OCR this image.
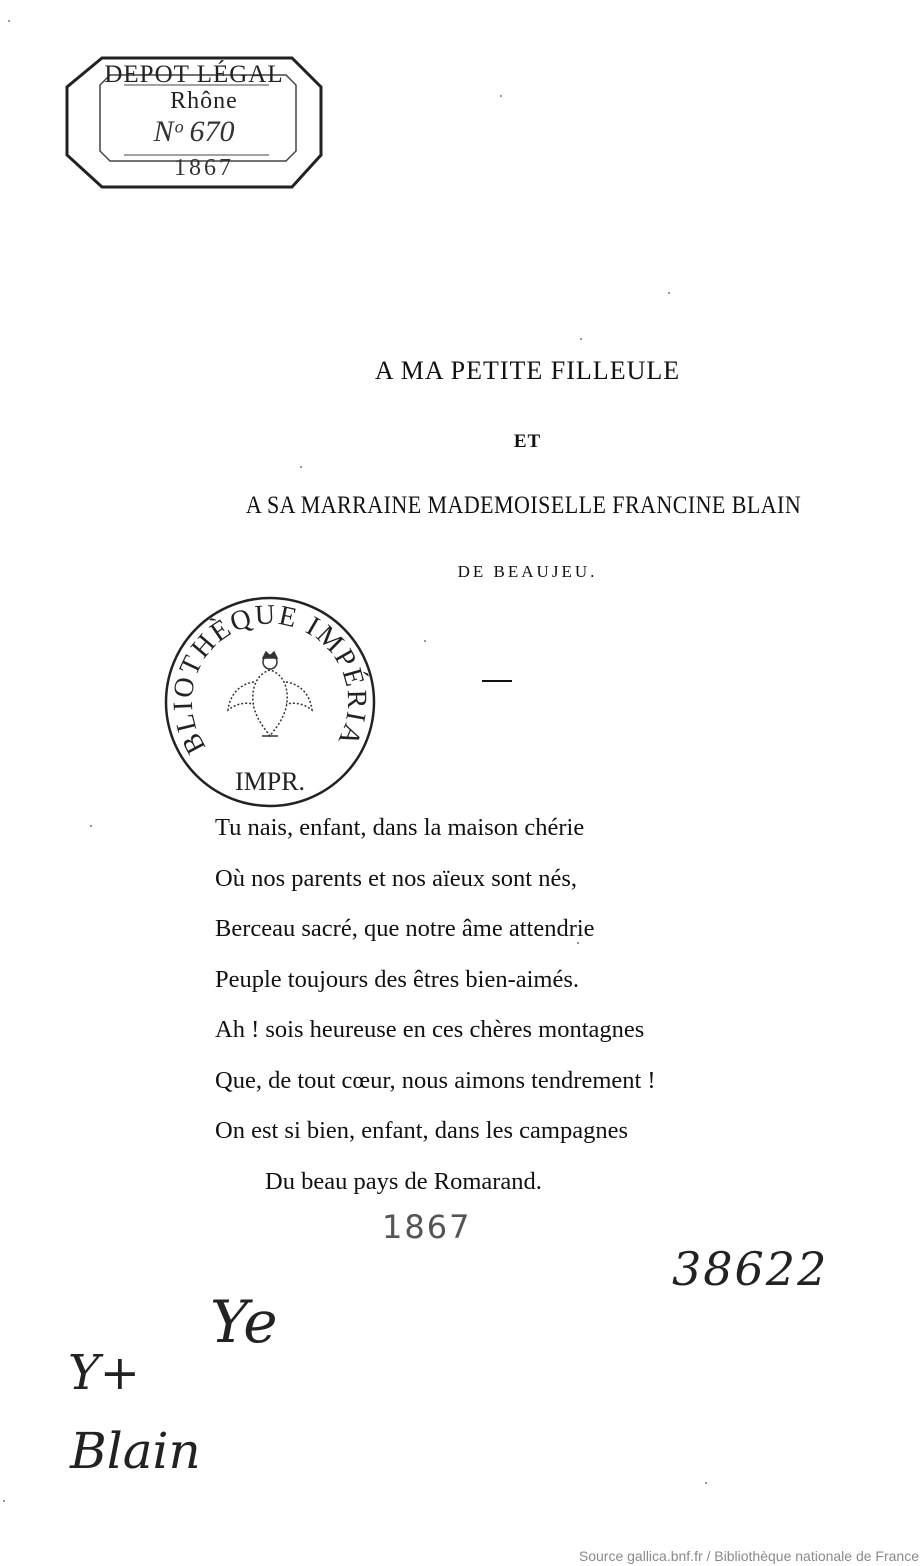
DEPOT LÉGAL
Rhône
Nᵒ 670
1867
A MA PETITE FILLEULE
ET
A SA MARRAINE MADEMOISELLE FRANCINE BLAIN
DE BEAUJEU.
BLIOTHÈQUE IMPÉRIA
IMPR.
Tu nais, enfant, dans la maison chérie
Où nos parents et nos aïeux sont nés,
Berceau sacré, que notre âme attendrie
Peuple toujours des êtres bien-aimés.
Ah ! sois heureuse en ces chères montagnes
Que, de tout cœur, nous aimons tendrement !
On est si bien, enfant, dans les campagnes
Du beau pays de Romarand.
1867
38622
Ye
Y+
Blain
Source gallica.bnf.fr / Bibliothèque nationale de France
